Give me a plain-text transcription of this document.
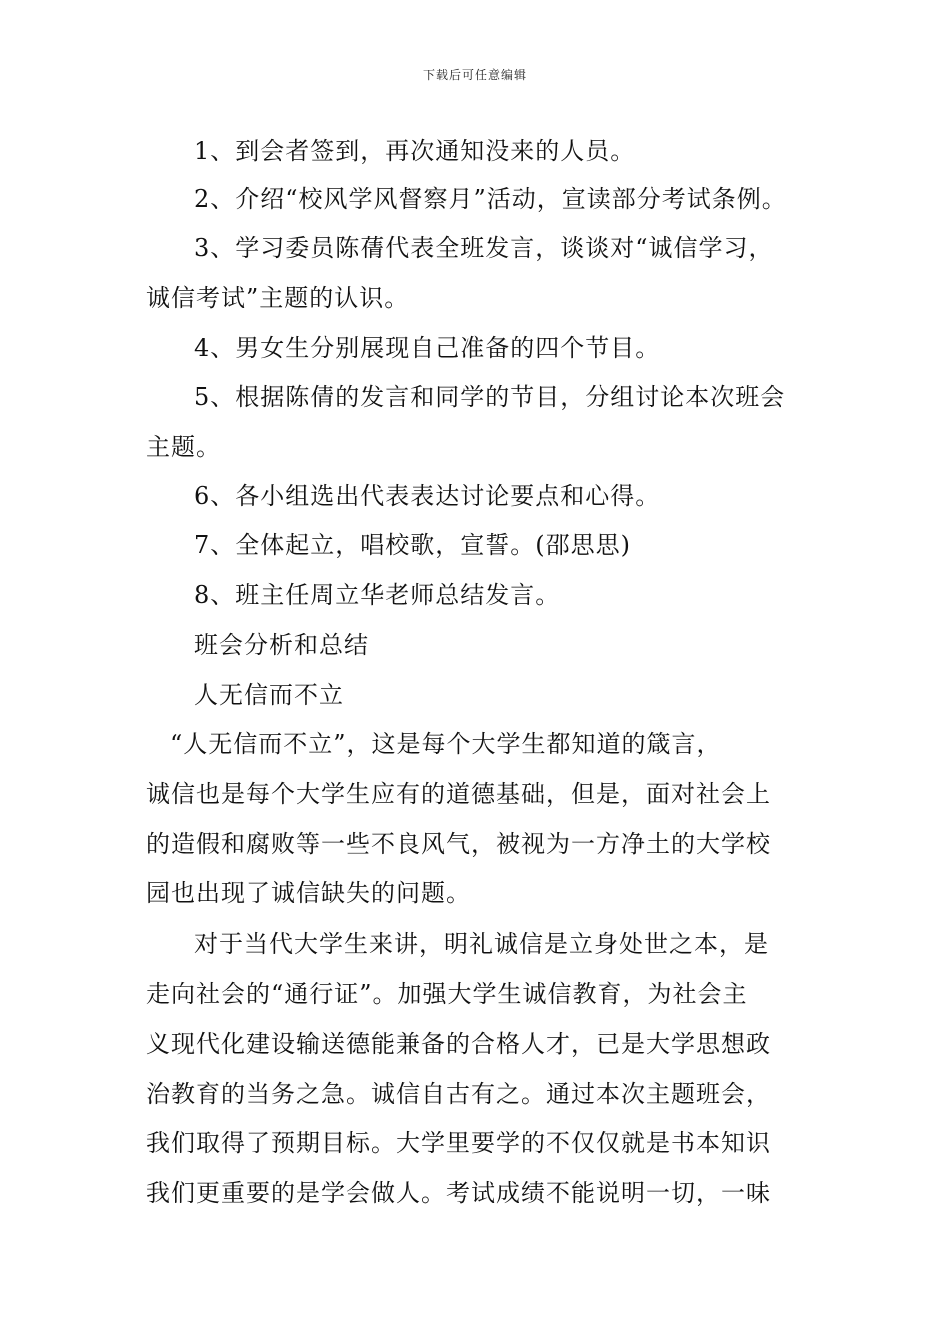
下载后可任意编辑
1、到会者签到，再次通知没来的人员。
2、介绍“校风学风督察月”活动，宣读部分考试条例。
3、学习委员陈蒨代表全班发言，谈谈对“诚信学习，
诚信考试”主题的认识。
4、男女生分别展现自己准备的四个节目。
5、根据陈倩的发言和同学的节目，分组讨论本次班会
主题。
6、各小组选出代表表达讨论要点和心得。
7、全体起立，唱校歌，宣誓。(邵思思)
8、班主任周立华老师总结发言。
班会分析和总结
人无信而不立
“人无信而不立”，这是每个大学生都知道的箴言，
诚信也是每个大学生应有的道德基础，但是，面对社会上
的造假和腐败等一些不良风气，被视为一方净土的大学校
园也出现了诚信缺失的问题。
对于当代大学生来讲，明礼诚信是立身处世之本，是
走向社会的“通行证”。加强大学生诚信教育，为社会主
义现代化建设输送德能兼备的合格人才，已是大学思想政
治教育的当务之急。诚信自古有之。通过本次主题班会，
我们取得了预期目标。大学里要学的不仅仅就是书本知识
我们更重要的是学会做人。考试成绩不能说明一切，一味
